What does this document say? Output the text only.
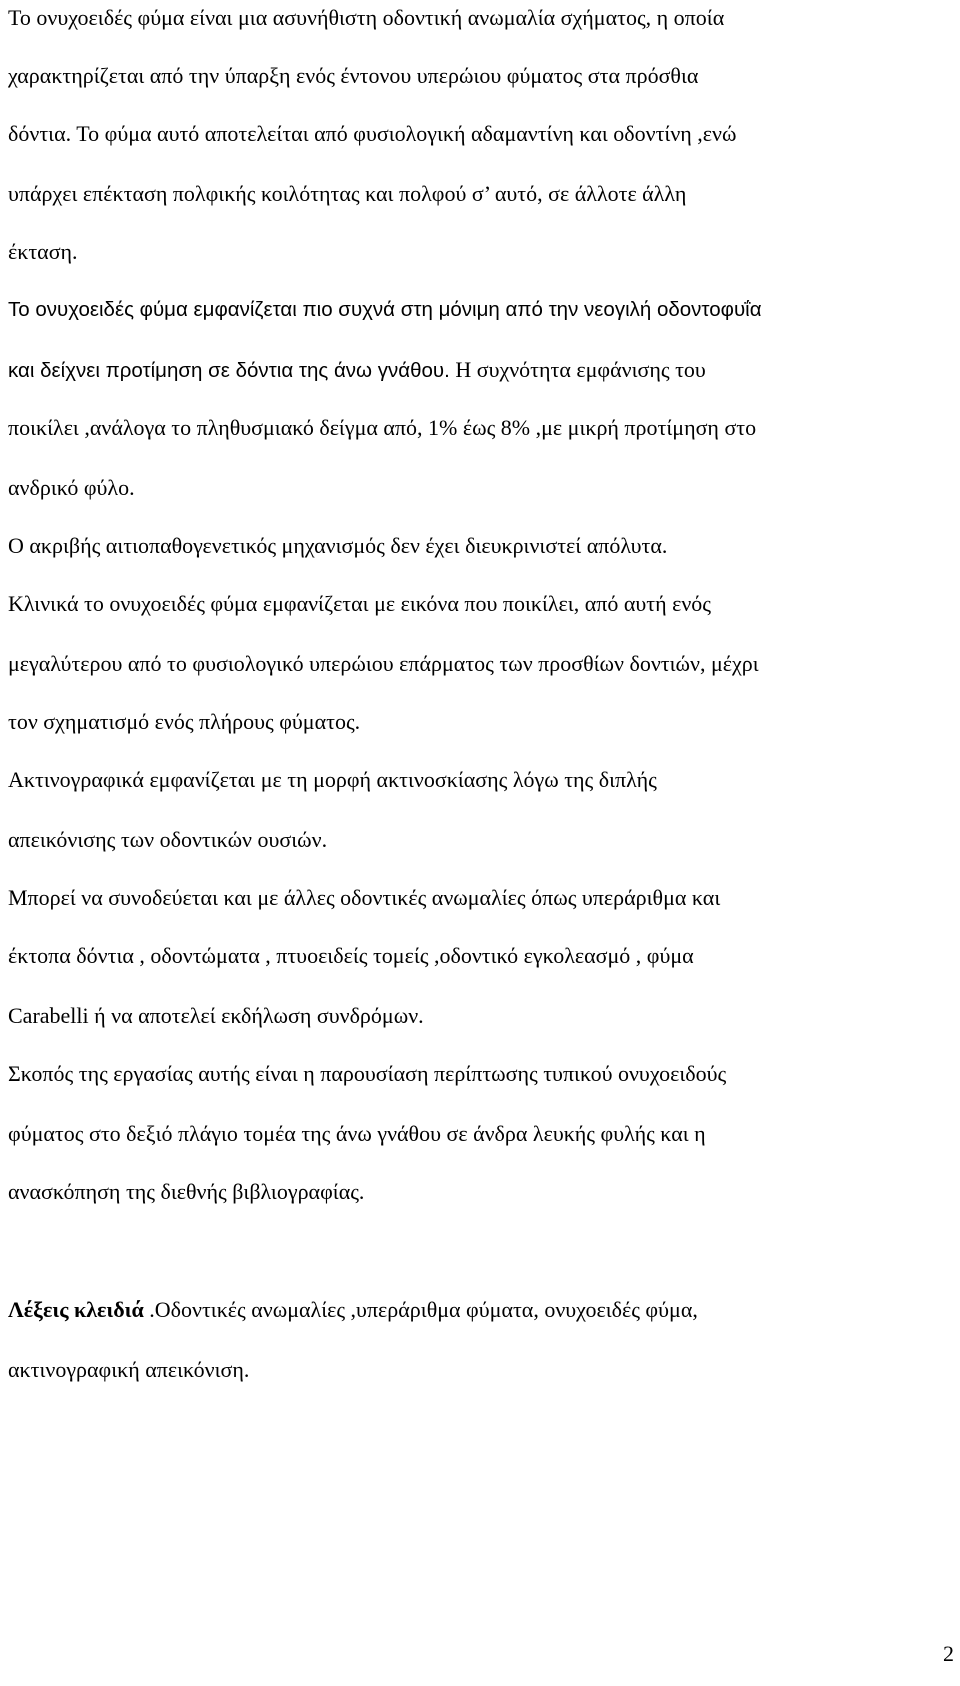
Το ονυχοειδές φύμα είναι μια ασυνήθιστη οδοντική ανωμαλία σχήματος, η οποία
χαρακτηρίζεται από την ύπαρξη ενός έντονου υπερώιου φύματος στα πρόσθια
δόντια. Το φύμα αυτό αποτελείται από φυσιολογική αδαμαντίνη και οδοντίνη ,ενώ
υπάρχει επέκταση πολφικής κοιλότητας και πολφού σ’ αυτό, σε άλλοτε άλλη
έκταση.
Το ονυχοειδές φύμα εμφανίζεται πιο συχνά στη μόνιμη από την νεογιλή οδοντοφυΐα
και δείχνει προτίμηση σε δόντια της άνω γνάθου. Η συχνότητα εμφάνισης του
ποικίλει ,ανάλογα το πληθυσμιακό δείγμα από, 1% έως 8% ,με μικρή προτίμηση στο
ανδρικό φύλο.
Ο ακριβής αιτιοπαθογενετικός μηχανισμός δεν έχει διευκρινιστεί απόλυτα.
Κλινικά το ονυχοειδές φύμα εμφανίζεται με εικόνα που ποικίλει, από αυτή ενός
μεγαλύτερου από το φυσιολογικό υπερώιου επάρματος των προσθίων δοντιών, μέχρι
τον σχηματισμό ενός πλήρους φύματος.
Ακτινογραφικά εμφανίζεται με τη μορφή ακτινοσκίασης λόγω της διπλής
απεικόνισης των οδοντικών ουσιών.
Μπορεί να συνοδεύεται και με άλλες οδοντικές ανωμαλίες όπως υπεράριθμα και
έκτοπα δόντια , οδοντώματα , πτυοειδείς τομείς ,οδοντικό εγκολεασμό , φύμα
Carabelli ή να αποτελεί εκδήλωση συνδρόμων.
Σκοπός της εργασίας αυτής είναι η παρουσίαση περίπτωσης τυπικού ονυχοειδούς
φύματος στο δεξιό πλάγιο τομέα της άνω γνάθου σε άνδρα λευκής φυλής και η
ανασκόπηση της διεθνής βιβλιογραφίας.
Λέξεις κλειδιά .Οδοντικές ανωμαλίες ,υπεράριθμα φύματα, ονυχοειδές φύμα,
ακτινογραφική απεικόνιση.
2
